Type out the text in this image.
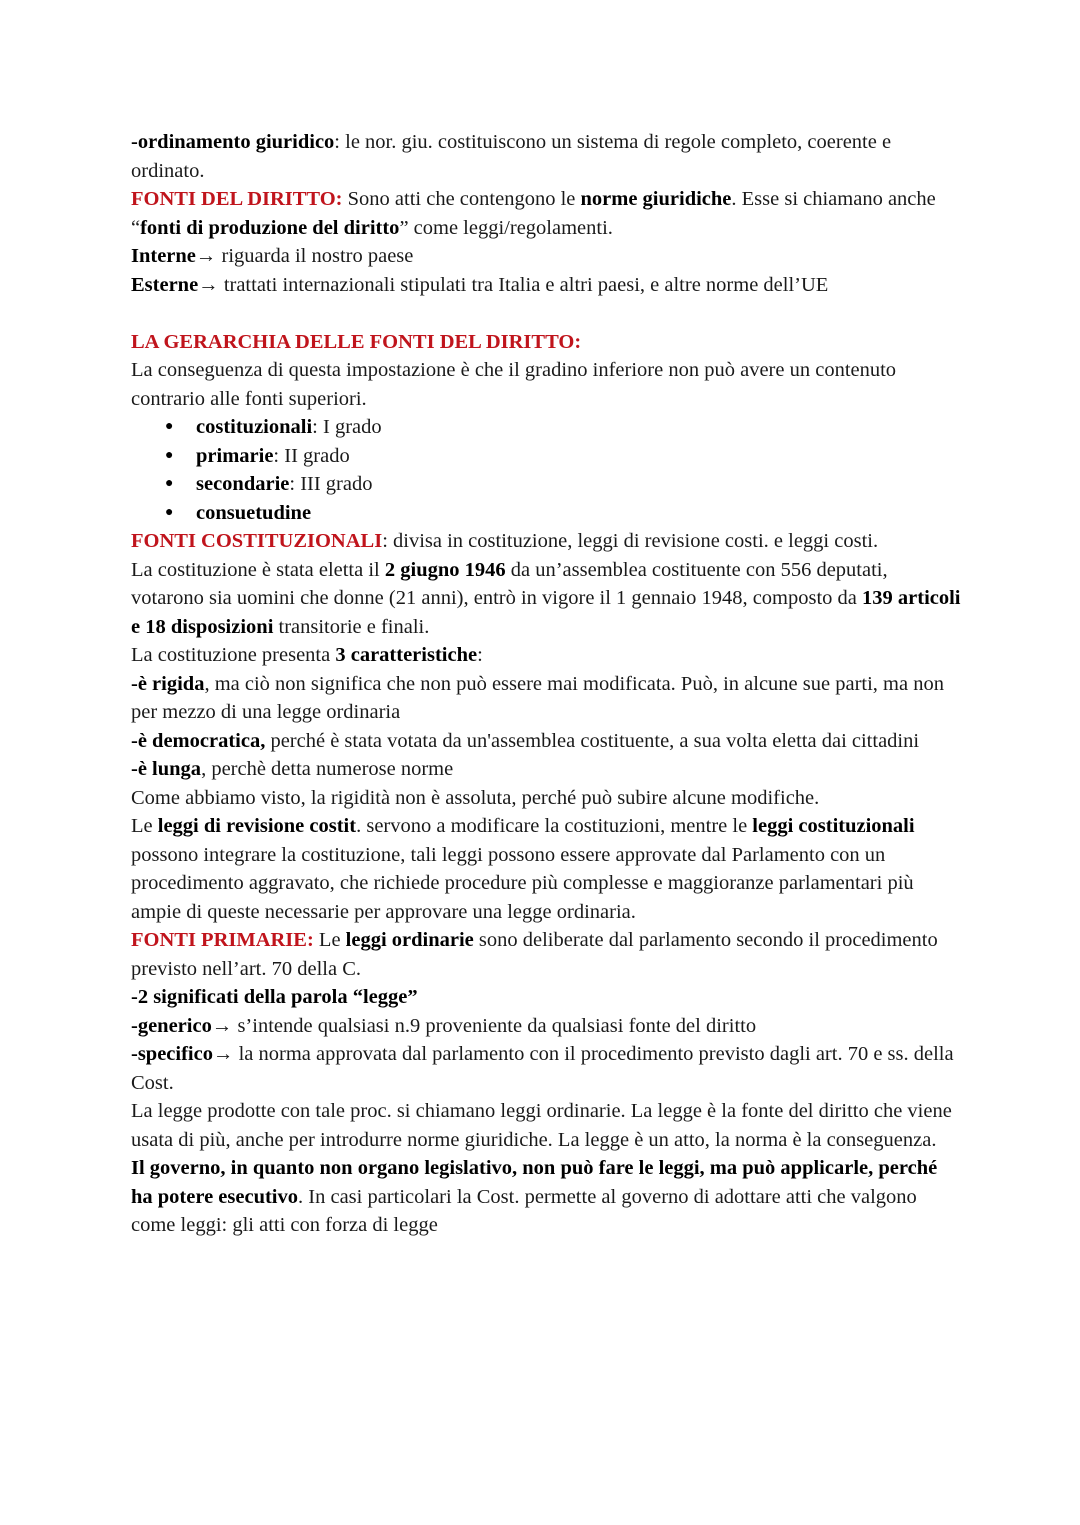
-ordinamento giuridico: le nor. giu. costituiscono un sistema di regole completo, coerente e ordinato.

FONTI DEL DIRITTO: Sono atti che contengono le norme giuridiche. Esse si chiamano anche “fonti di produzione del diritto” come leggi/regolamenti.

Interne→ riguarda il nostro paese

Esterne→ trattati internazionali stipulati tra Italia e altri paesi, e altre norme dell’UE

LA GERARCHIA DELLE FONTI DEL DIRITTO:

La conseguenza di questa impostazione è che il gradino inferiore non può avere un contenuto contrario alle fonti superiori.

● costituzionali: I grado
● primarie: II grado
● secondarie: III grado
● consuetudine

FONTI COSTITUZIONALI: divisa in costituzione, leggi di revisione costi. e leggi costi.

La costituzione è stata eletta il 2 giugno 1946 da un’assemblea costituente con 556 deputati, votarono sia uomini che donne (21 anni), entrò in vigore il 1 gennaio 1948, composto da 139 articoli e 18 disposizioni transitorie e finali.

La costituzione presenta 3 caratteristiche:

-è rigida, ma ciò non significa che non può essere mai modificata. Può, in alcune sue parti, ma non per mezzo di una legge ordinaria

-è democratica, perché è stata votata da un'assemblea costituente, a sua volta eletta dai cittadini

-è lunga, perchè detta numerose norme

Come abbiamo visto, la rigidità non è assoluta, perché può subire alcune modifiche.

Le leggi di revisione costit. servono a modificare la costituzioni, mentre le leggi costituzionali possono integrare la costituzione, tali leggi possono essere approvate dal Parlamento con un procedimento aggravato, che richiede procedure più complesse e maggioranze parlamentari più ampie di queste necessarie per approvare una legge ordinaria.

FONTI PRIMARIE: Le leggi ordinarie sono deliberate dal parlamento secondo il procedimento previsto nell’art. 70 della C.

-2 significati della parola “legge”

-generico→ s’intende qualsiasi n.9 proveniente da qualsiasi fonte del diritto

-specifico→ la norma approvata dal parlamento con il procedimento previsto dagli art. 70 e ss. della Cost.

La legge prodotte con tale proc. si chiamano leggi ordinarie. La legge è la fonte del diritto che viene usata di più, anche per introdurre norme giuridiche. La legge è un atto, la norma è la conseguenza.

Il governo, in quanto non organo legislativo, non può fare le leggi, ma può applicarle, perché ha potere esecutivo. In casi particolari la Cost. permette al governo di adottare atti che valgono come leggi: gli atti con forza di legge
